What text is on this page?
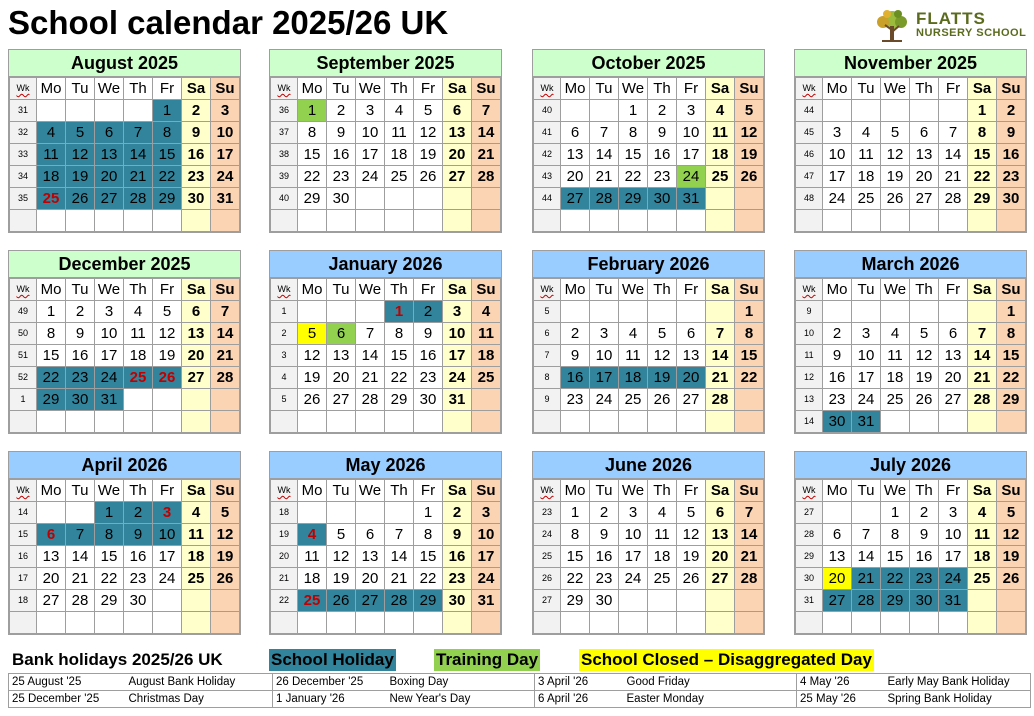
School calendar 2025/26 UK	FLATTS
NURSERY SCHOOL
August 2025
Wk	Mo	Tu	We	Th	Fr	Sa	Su
31					1	2	3
32	4	5	6	7	8	9	10
33	11	12	13	14	15	16	17
34	18	19	20	21	22	23	24
35	25	26	27	28	29	30	31

September 2025
Wk	Mo	Tu	We	Th	Fr	Sa	Su
36	1	2	3	4	5	6	7
37	8	9	10	11	12	13	14
38	15	16	17	18	19	20	21
39	22	23	24	25	26	27	28
40	29	30					

October 2025
Wk	Mo	Tu	We	Th	Fr	Sa	Su
40			1	2	3	4	5
41	6	7	8	9	10	11	12
42	13	14	15	16	17	18	19
43	20	21	22	23	24	25	26
44	27	28	29	30	31		

November 2025
Wk	Mo	Tu	We	Th	Fr	Sa	Su
44						1	2
45	3	4	5	6	7	8	9
46	10	11	12	13	14	15	16
47	17	18	19	20	21	22	23
48	24	25	26	27	28	29	30

December 2025
Wk	Mo	Tu	We	Th	Fr	Sa	Su
49	1	2	3	4	5	6	7
50	8	9	10	11	12	13	14
51	15	16	17	18	19	20	21
52	22	23	24	25	26	27	28
1	29	30	31				

January 2026
Wk	Mo	Tu	We	Th	Fr	Sa	Su
1				1	2	3	4
2	5	6	7	8	9	10	11
3	12	13	14	15	16	17	18
4	19	20	21	22	23	24	25
5	26	27	28	29	30	31	

February 2026
Wk	Mo	Tu	We	Th	Fr	Sa	Su
5							1
6	2	3	4	5	6	7	8
7	9	10	11	12	13	14	15
8	16	17	18	19	20	21	22
9	23	24	25	26	27	28	

March 2026
Wk	Mo	Tu	We	Th	Fr	Sa	Su
9							1
10	2	3	4	5	6	7	8
11	9	10	11	12	13	14	15
12	16	17	18	19	20	21	22
13	23	24	25	26	27	28	29
14	30	31					
April 2026
Wk	Mo	Tu	We	Th	Fr	Sa	Su
14			1	2	3	4	5
15	6	7	8	9	10	11	12
16	13	14	15	16	17	18	19
17	20	21	22	23	24	25	26
18	27	28	29	30			

May 2026
Wk	Mo	Tu	We	Th	Fr	Sa	Su
18					1	2	3
19	4	5	6	7	8	9	10
20	11	12	13	14	15	16	17
21	18	19	20	21	22	23	24
22	25	26	27	28	29	30	31

June 2026
Wk	Mo	Tu	We	Th	Fr	Sa	Su
23	1	2	3	4	5	6	7
24	8	9	10	11	12	13	14
25	15	16	17	18	19	20	21
26	22	23	24	25	26	27	28
27	29	30					

July 2026
Wk	Mo	Tu	We	Th	Fr	Sa	Su
27			1	2	3	4	5
28	6	7	8	9	10	11	12
29	13	14	15	16	17	18	19
30	20	21	22	23	24	25	26
31	27	28	29	30	31		

Bank holidays 2025/26 UK	School Holiday Training Day	School Closed – Disaggregated Day
25 August '25	August Bank Holiday	26 December '25	Boxing Day	3 April '26	Good Friday	4 May '26	Early May Bank Holiday
25 December '25	Christmas Day	1 January '26	New Year's Day	6 April '26	Easter Monday	25 May '26	Spring Bank Holiday
